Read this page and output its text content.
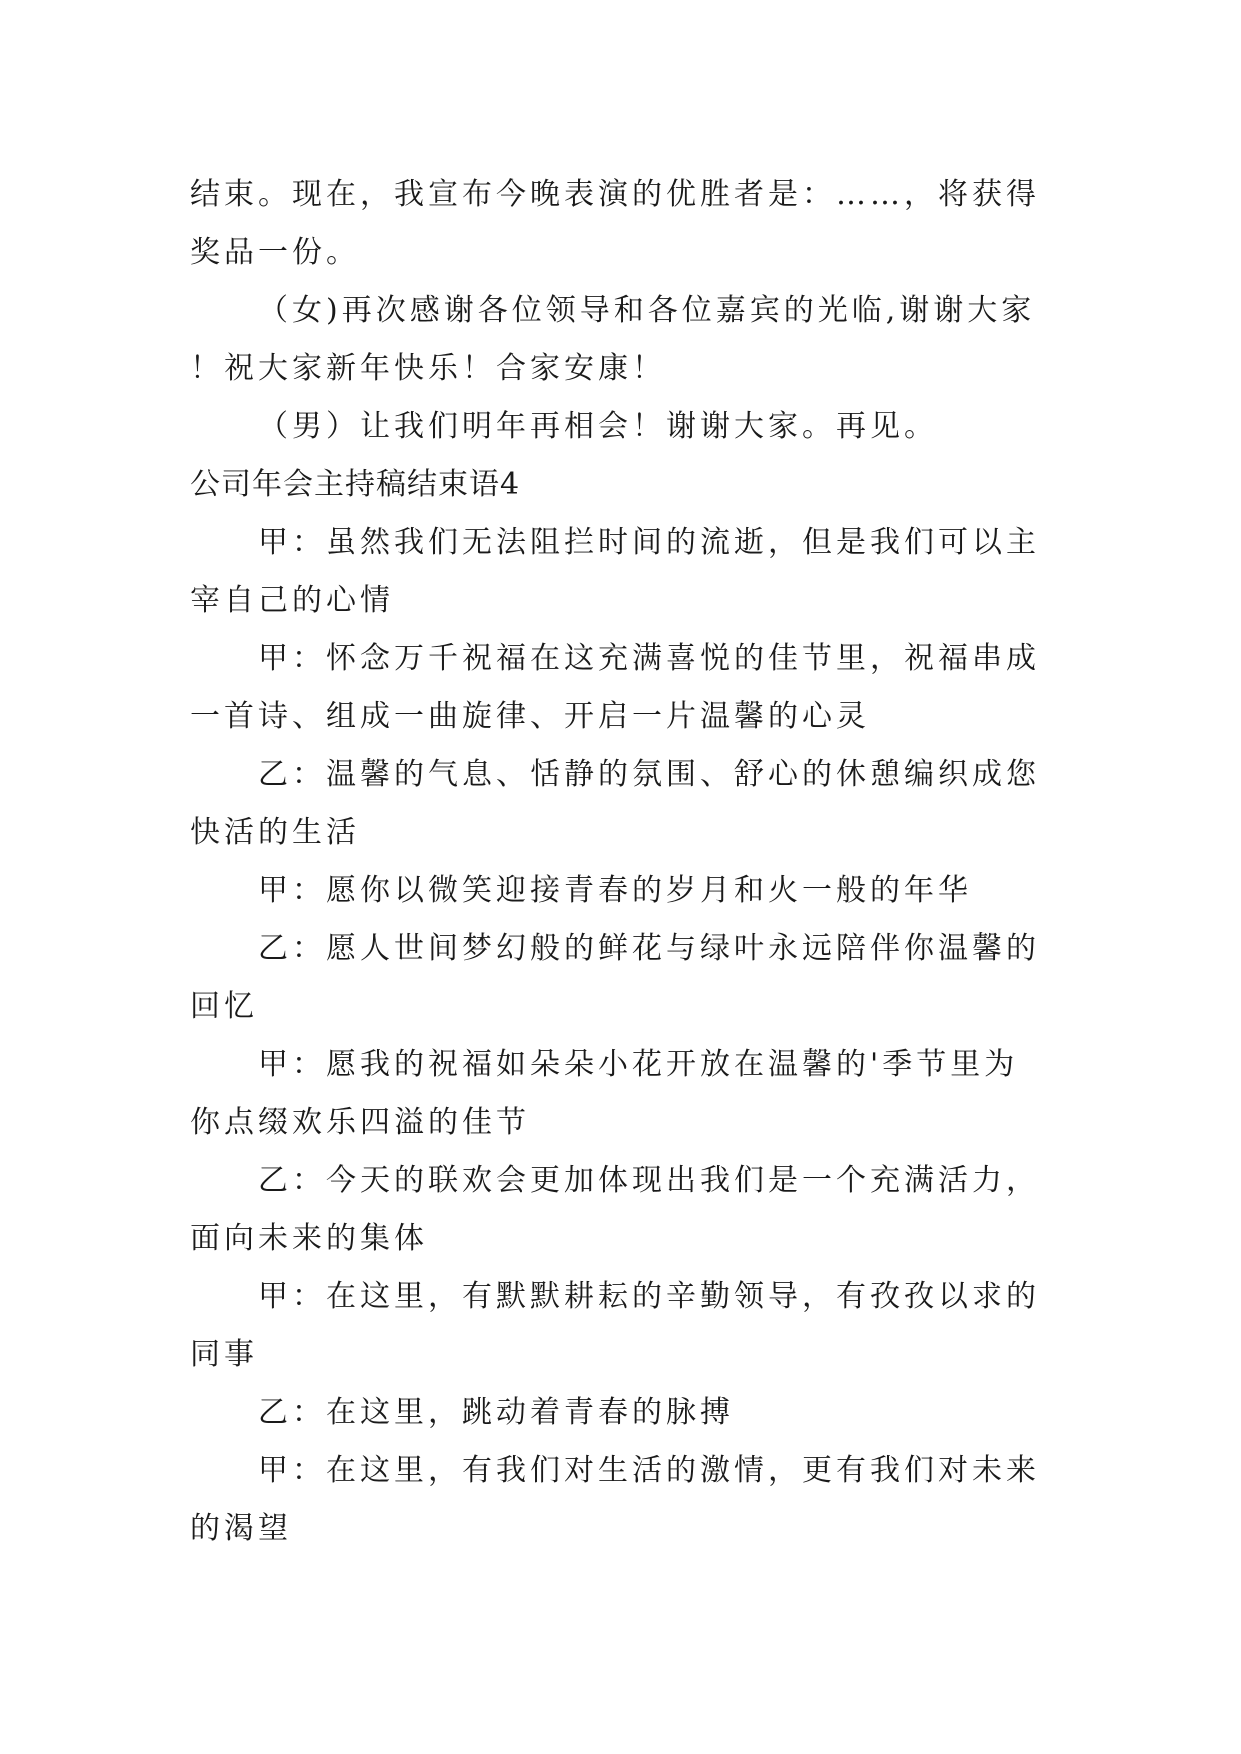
结束。现在，我宣布今晚表演的优胜者是：……，将获得奖品一份。

（女)再次感谢各位领导和各位嘉宾的光临,谢谢大家！祝大家新年快乐！合家安康！

（男）让我们明年再相会！谢谢大家。再见。

公司年会主持稿结束语4

甲：虽然我们无法阻拦时间的流逝，但是我们可以主宰自己的心情

甲：怀念万千祝福在这充满喜悦的佳节里，祝福串成一首诗、组成一曲旋律、开启一片温馨的心灵

乙：温馨的气息、恬静的氛围、舒心的休憩编织成您快活的生活

甲：愿你以微笑迎接青春的岁月和火一般的年华

乙：愿人世间梦幻般的鲜花与绿叶永远陪伴你温馨的回忆

甲：愿我的祝福如朵朵小花开放在温馨的'季节里为你点缀欢乐四溢的佳节

乙：今天的联欢会更加体现出我们是一个充满活力，面向未来的集体

甲：在这里，有默默耕耘的辛勤领导，有孜孜以求的同事

乙：在这里，跳动着青春的脉搏

甲：在这里，有我们对生活的激情，更有我们对未来的渴望
